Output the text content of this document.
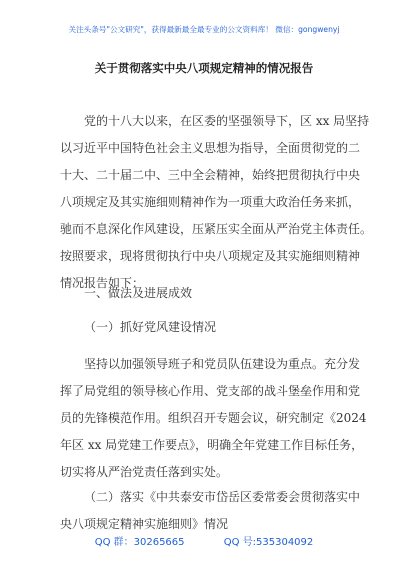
关注头条号"公文研究"，获得最新最全最专业的公文资料库！ 微信：gongwenyj
关于贯彻落实中央八项规定精神的情况报告
党的十八大以来，在区委的坚强领导下，区 xx 局坚持
以习近平中国特色社会主义思想为指导，全面贯彻党的二
十大、二十届二中、三中全会精神，始终把贯彻执行中央
八项规定及其实施细则精神作为一项重大政治任务来抓，
驰而不息深化作风建设，压紧压实全面从严治党主体责任。
按照要求，现将贯彻执行中央八项规定及其实施细则精神
情况报告如下：
一、做法及进展成效
（一）抓好党风建设情况
坚持以加强领导班子和党员队伍建设为重点。充分发
挥了局党组的领导核心作用、党支部的战斗堡垒作用和党
员的先锋模范作用。组织召开专题会议，研究制定《2024
年区 xx 局党建工作要点》，明确全年党建工作目标任务，
切实将从严治党责任落到实处。
（二）落实《中共泰安市岱岳区委常委会贯彻落实中
央八项规定精神实施细则》情况
QQ 群：30265665	QQ 号:535304092
